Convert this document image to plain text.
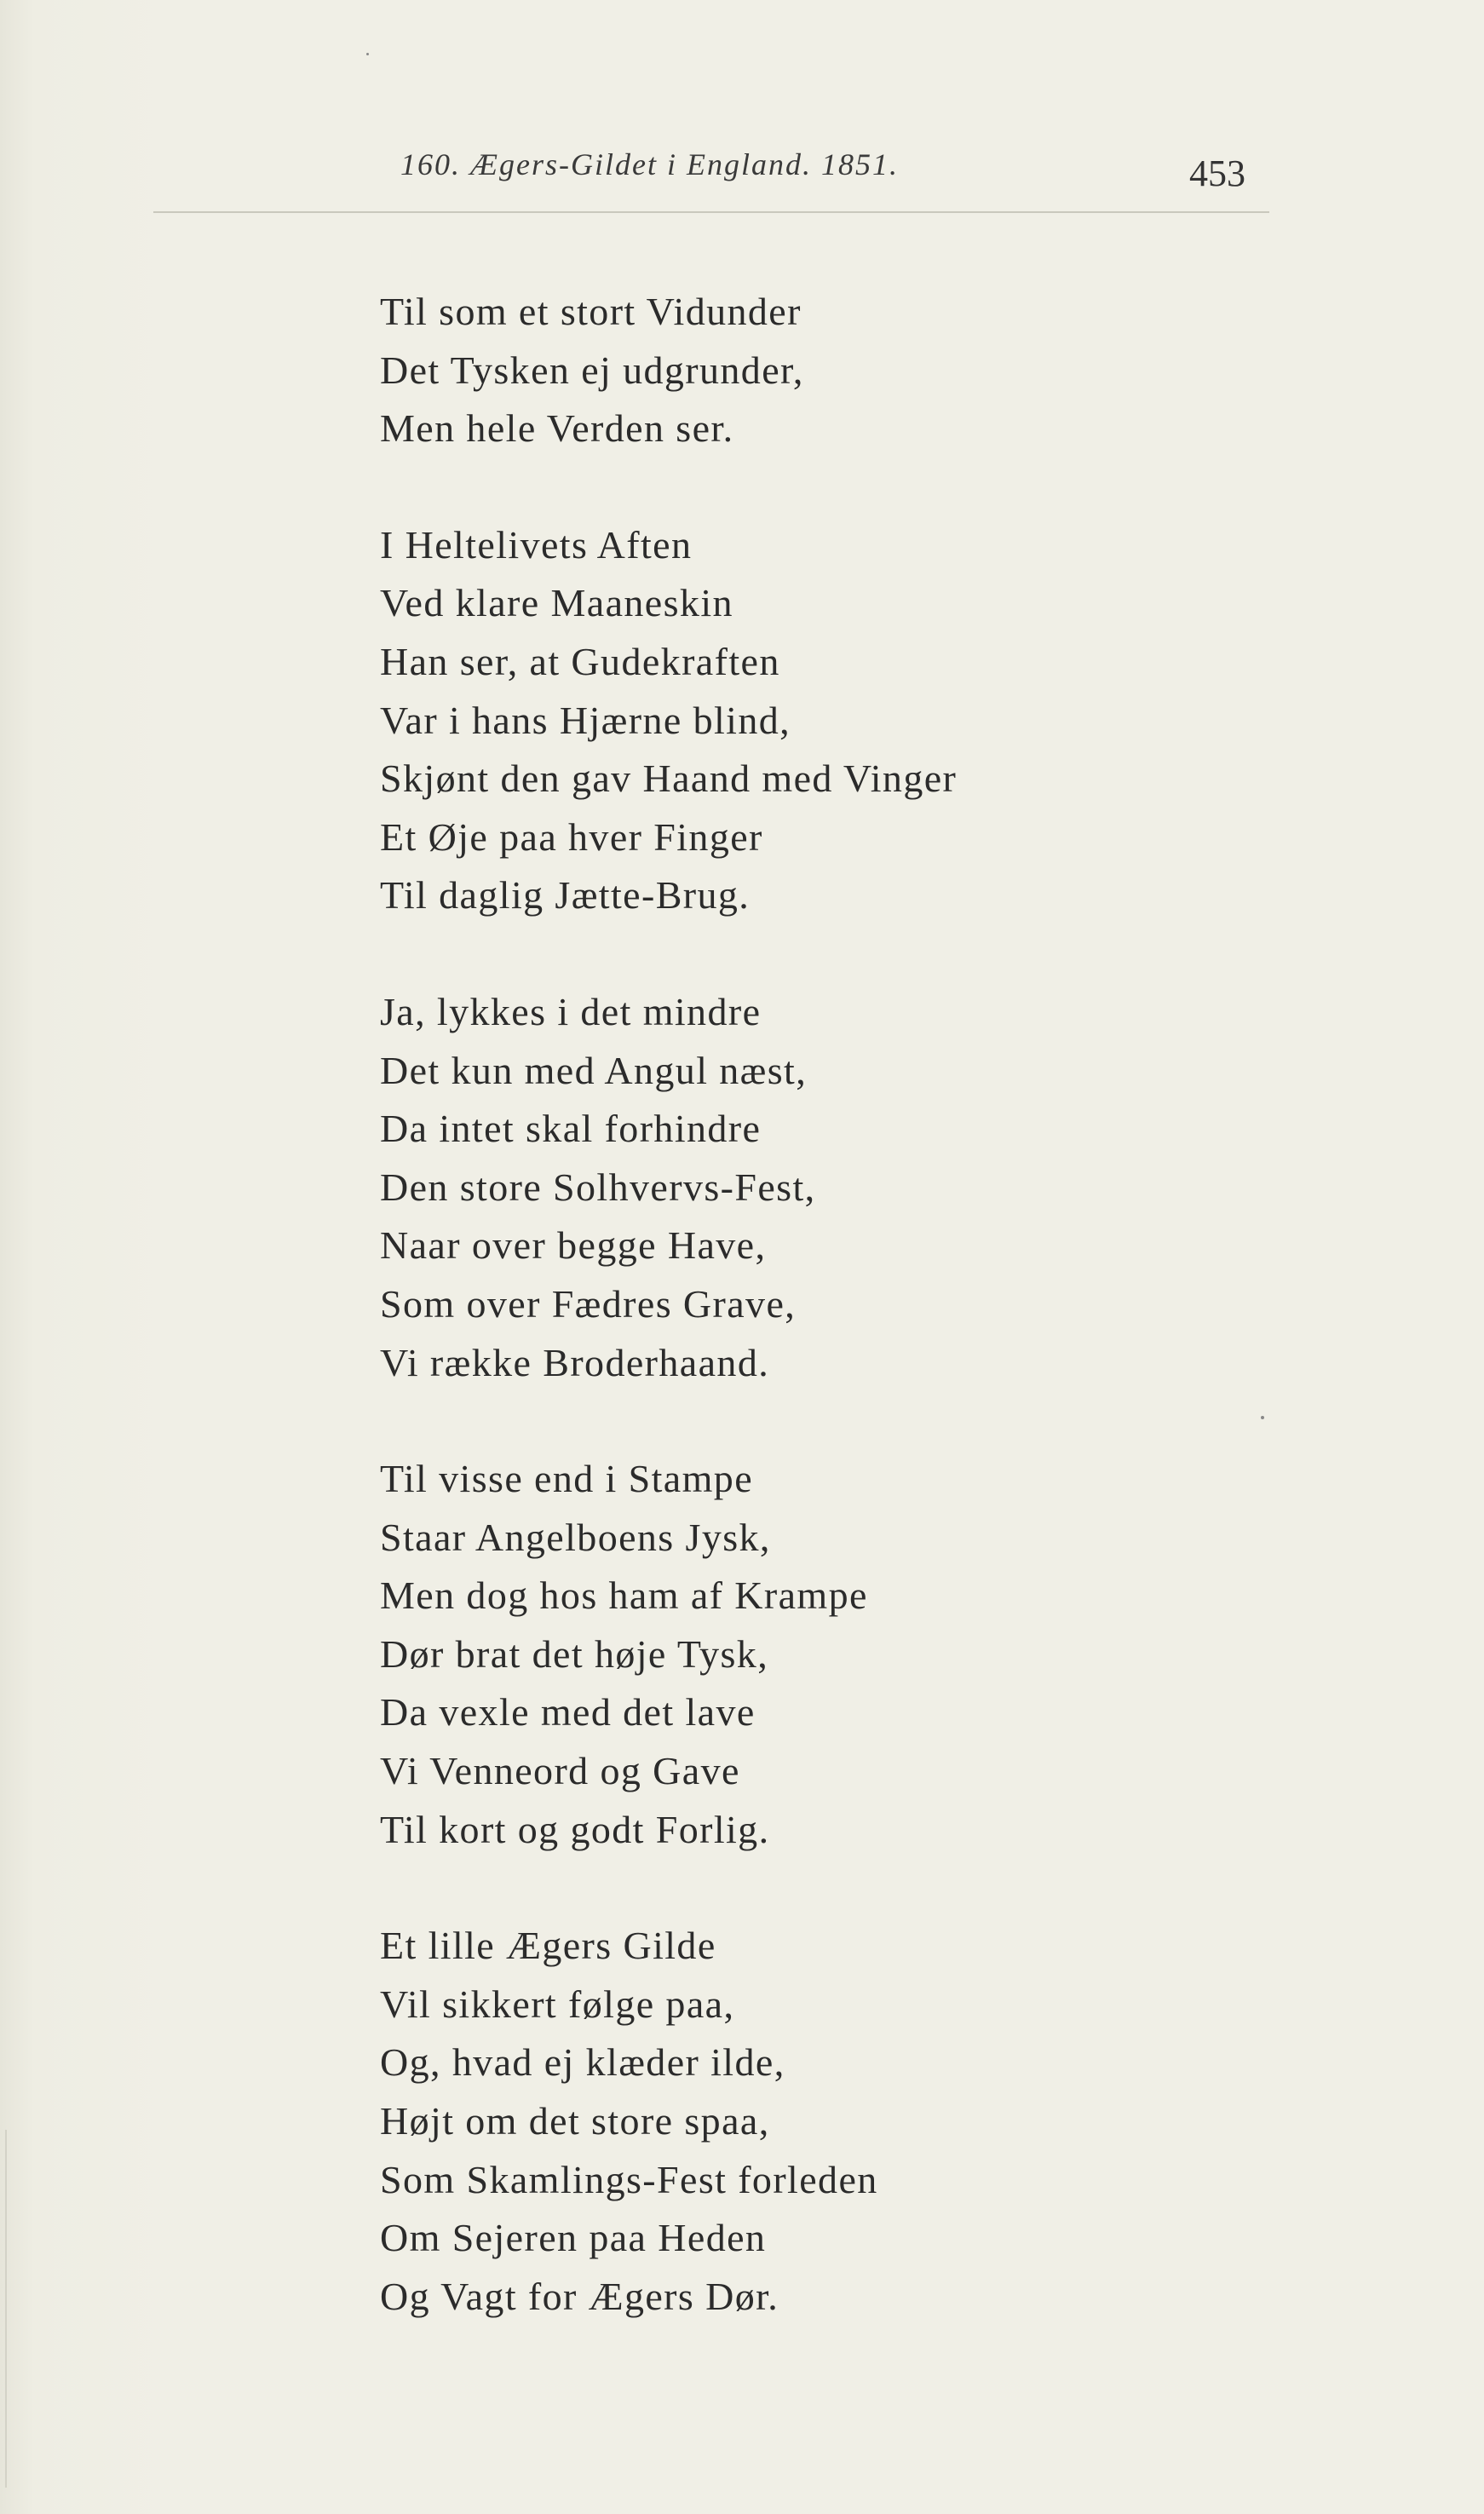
160. Ægers-Gildet i England. 1851.	453
Til som et stort Vidunder
Det Tysken ej udgrunder,
Men hele Verden ser.
I Heltelivets Aften
Ved klare Maaneskin
Han ser, at Gudekraften
Var i hans Hjærne blind,
Skjønt den gav Haand med Vinger
Et Øje paa hver Finger
Til daglig Jætte-Brug.
Ja, lykkes i det mindre
Det kun med Angul næst,
Da intet skal forhindre
Den store Solhvervs-Fest,
Naar over begge Have,
Som over Fædres Grave,
Vi række Broderhaand.
Til visse end i Stampe
Staar Angelboens Jysk,
Men dog hos ham af Krampe
Dør brat det høje Tysk,
Da vexle med det lave
Vi Venneord og Gave
Til kort og godt Forlig.
Et lille Ægers Gilde
Vil sikkert følge paa,
Og, hvad ej klæder ilde,
Højt om det store spaa,
Som Skamlings-Fest forleden
Om Sejeren paa Heden
Og Vagt for Ægers Dør.
